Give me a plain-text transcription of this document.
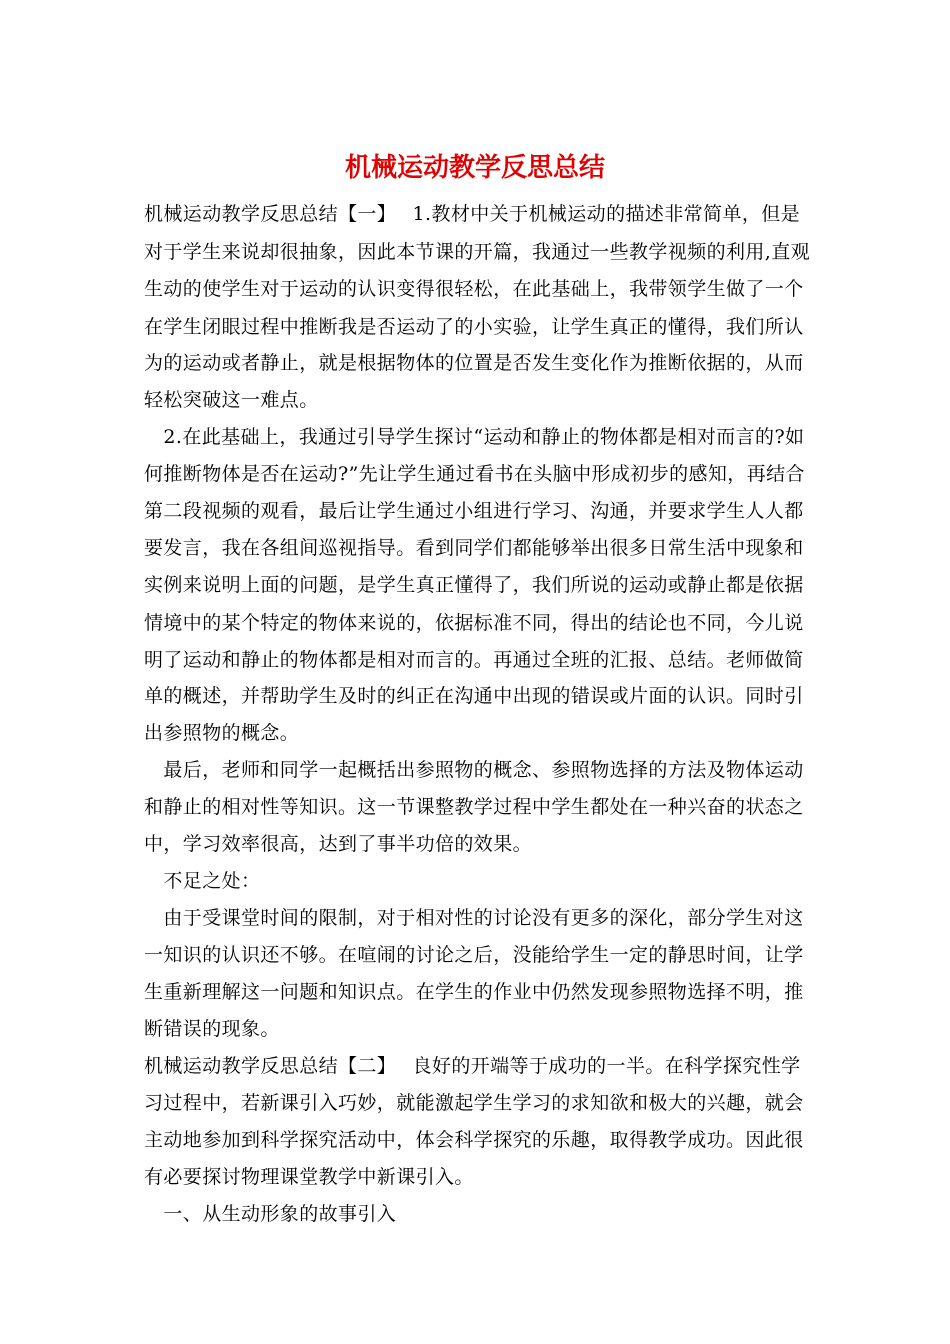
机械运动教学反思总结
机械运动教学反思总结【一】　 1.教材中关于机械运动的描述非常简单，但是
对于学生来说却很抽象，因此本节课的开篇，我通过一些教学视频的利用,直观
生动的使学生对于运动的认识变得很轻松，在此基础上，我带领学生做了一个
在学生闭眼过程中推断我是否运动了的小实验，让学生真正的懂得，我们所认
为的运动或者静止，就是根据物体的位置是否发生变化作为推断依据的，从而
轻松突破这一难点。
　2.在此基础上，我通过引导学生探讨“运动和静止的物体都是相对而言的?如
何推断物体是否在运动?”先让学生通过看书在头脑中形成初步的感知，再结合
第二段视频的观看，最后让学生通过小组进行学习、沟通，并要求学生人人都
要发言，我在各组间巡视指导。看到同学们都能够举出很多日常生活中现象和
实例来说明上面的问题，是学生真正懂得了，我们所说的运动或静止都是依据
情境中的某个特定的物体来说的，依据标准不同，得出的结论也不同，今儿说
明了运动和静止的物体都是相对而言的。再通过全班的汇报、总结。老师做简
单的概述，并帮助学生及时的纠正在沟通中出现的错误或片面的认识。同时引
出参照物的概念。
　最后，老师和同学一起概括出参照物的概念、参照物选择的方法及物体运动
和静止的相对性等知识。这一节课整教学过程中学生都处在一种兴奋的状态之
中，学习效率很高，达到了事半功倍的效果。
　不足之处：
　由于受课堂时间的限制，对于相对性的讨论没有更多的深化，部分学生对这
一知识的认识还不够。在喧闹的讨论之后，没能给学生一定的静思时间，让学
生重新理解这一问题和知识点。在学生的作业中仍然发现参照物选择不明，推
断错误的现象。
机械运动教学反思总结【二】　 良好的开端等于成功的一半。在科学探究性学
习过程中，若新课引入巧妙，就能激起学生学习的求知欲和极大的兴趣，就会
主动地参加到科学探究活动中，体会科学探究的乐趣，取得教学成功。因此很
有必要探讨物理课堂教学中新课引入。
　一、从生动形象的故事引入
